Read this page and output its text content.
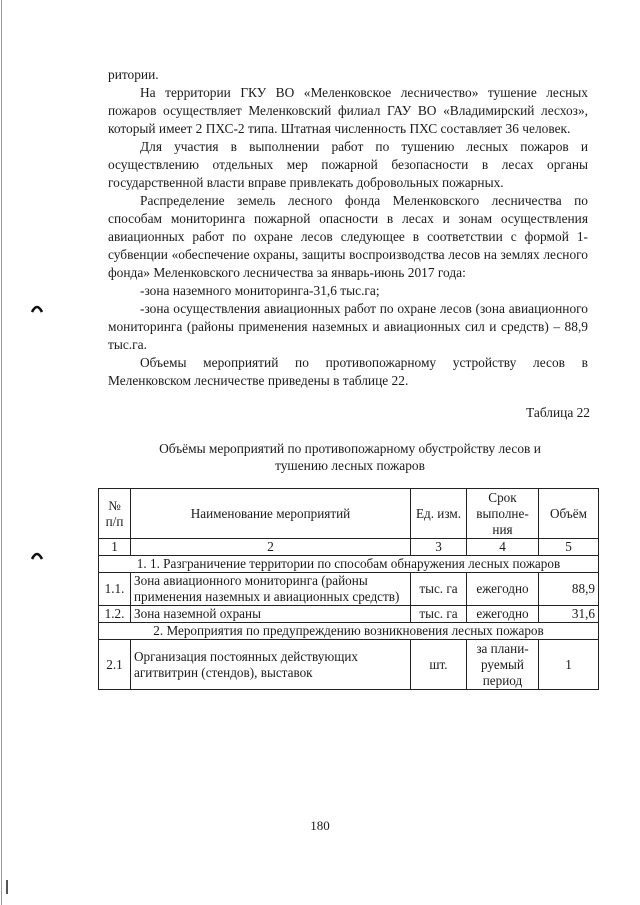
ритории.

На территории ГКУ ВО «Меленковское лесничество» тушение лесных пожаров осуществляет Меленковский филиал ГАУ ВО «Владимирский лесхоз», который имеет 2 ПХС-2 типа. Штатная численность ПХС составляет 36 человек.

Для участия в выполнении работ по тушению лесных пожаров и осуществлению отдельных мер пожарной безопасности в лесах органы государственной власти вправе привлекать добровольных пожарных.

Распределение земель лесного фонда Меленковского лесничества по способам мониторинга пожарной опасности в лесах и зонам осуществления авиационных работ по охране лесов следующее в соответствии с формой 1-субвенции «обеспечение охраны, защиты воспроизводства лесов на землях лесного фонда» Меленковского лесничества за январь-июнь 2017 года:

-зона наземного мониторинга-31,6 тыс.га;

-зона осуществления авиационных работ по охране лесов (зона авиационного мониторинга (районы применения наземных и авиационных сил и средств) – 88,9 тыс.га.

Объемы мероприятий по противопожарному устройству лесов в Меленковском лесничестве приведены в таблице 22.

Таблица 22
Объёмы мероприятий по противопожарному обустройству лесов и
тушению лесных пожаров
№ п/п	Наименование мероприятий	Ед. изм.	Срок выполне-ния	Объём
1	2	3	4	5
1. 1. Разграничение территории по способам обнаружения лесных пожаров				
1.1.	Зона авиационного мониторинга (районы применения наземных и авиационных средств)	тыс. га	ежегодно	88,9
1.2.	Зона наземной охраны	тыс. га	ежегодно	31,6
2. Мероприятия по предупреждению возникновения лесных пожаров				
2.1	Организация постоянных действующих агитвитрин (стендов), выставок	шт.	за плани-руемый период	1
180
